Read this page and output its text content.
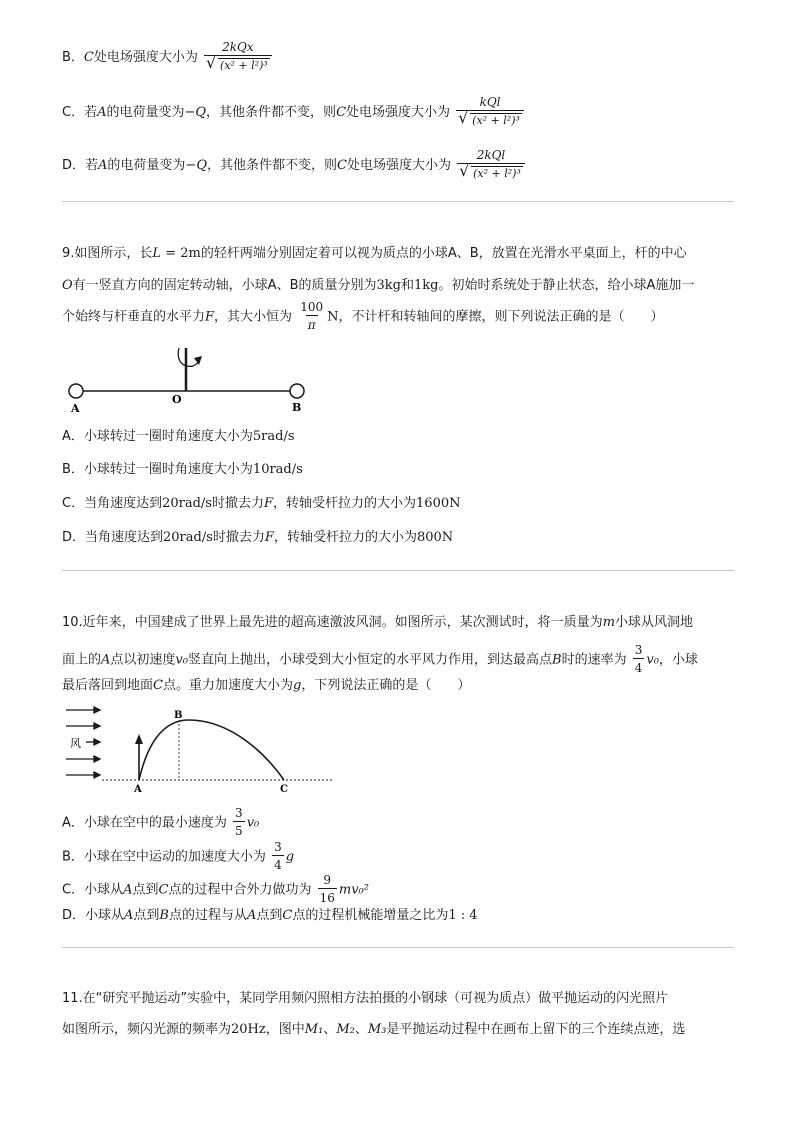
B．C处电场强度大小为 2kQx
√ (x² + l²)³
C．若A的电荷量变为−Q，其他条件都不变，则C处电场强度大小为 kQl
√ (x² + l²)³
D．若A的电荷量变为−Q，其他条件都不变，则C处电场强度大小为 2kQl
√ (x² + l²)³
9.如图所示，长L = 2m的轻杆两端分别固定着可以视为质点的小球A、B，放置在光滑水平桌面上，杆的中心
O有一竖直方向的固定转动轴，小球A、B的质量分别为3kg和1kg。初始时系统处于静止状态，给小球A施加一
个始终与杆垂直的水平力F，其大小恒为 $\frac{100}{\pi}$ N，不计杆和转轴间的摩擦，则下列说法正确的是（　　）
A
O
B
A．小球转过一圈时角速度大小为5rad/s
B．小球转过一圈时角速度大小为10rad/s
C．当角速度达到20rad/s时撤去力F，转轴受杆拉力的大小为1600N
D．当角速度达到20rad/s时撤去力F，转轴受杆拉力的大小为800N
10.近年来，中国建成了世界上最先进的超高速激波风洞。如图所示，某次测试时，将一质量为m小球从风洞地
面上的A点以初速度v₀竖直向上抛出，小球受到大小恒定的水平风力作用，到达最高点B时的速率为 $\frac{3}{4} v_0$，小球
最后落回到地面C点。重力加速度大小为g，下列说法正确的是（　　）
风
A
B
C
A．小球在空中的最小速度为 $\frac{3}{5} v_0$
B．小球在空中运动的加速度大小为 $\frac{3}{4}$ g
C．小球从A点到C点的过程中合外力做功为 $\frac{9}{16} mv_0^2$
D．小球从A点到B点的过程与从A点到C点的过程机械能增量之比为1 : 4
11.在“研究平抛运动”实验中，某同学用频闪照相方法拍摄的小钢球（可视为质点）做平抛运动的闪光照片
如图所示，频闪光源的频率为20Hz，图中M₁、M₂、M₃是平抛运动过程中在画布上留下的三个连续点迹，选
